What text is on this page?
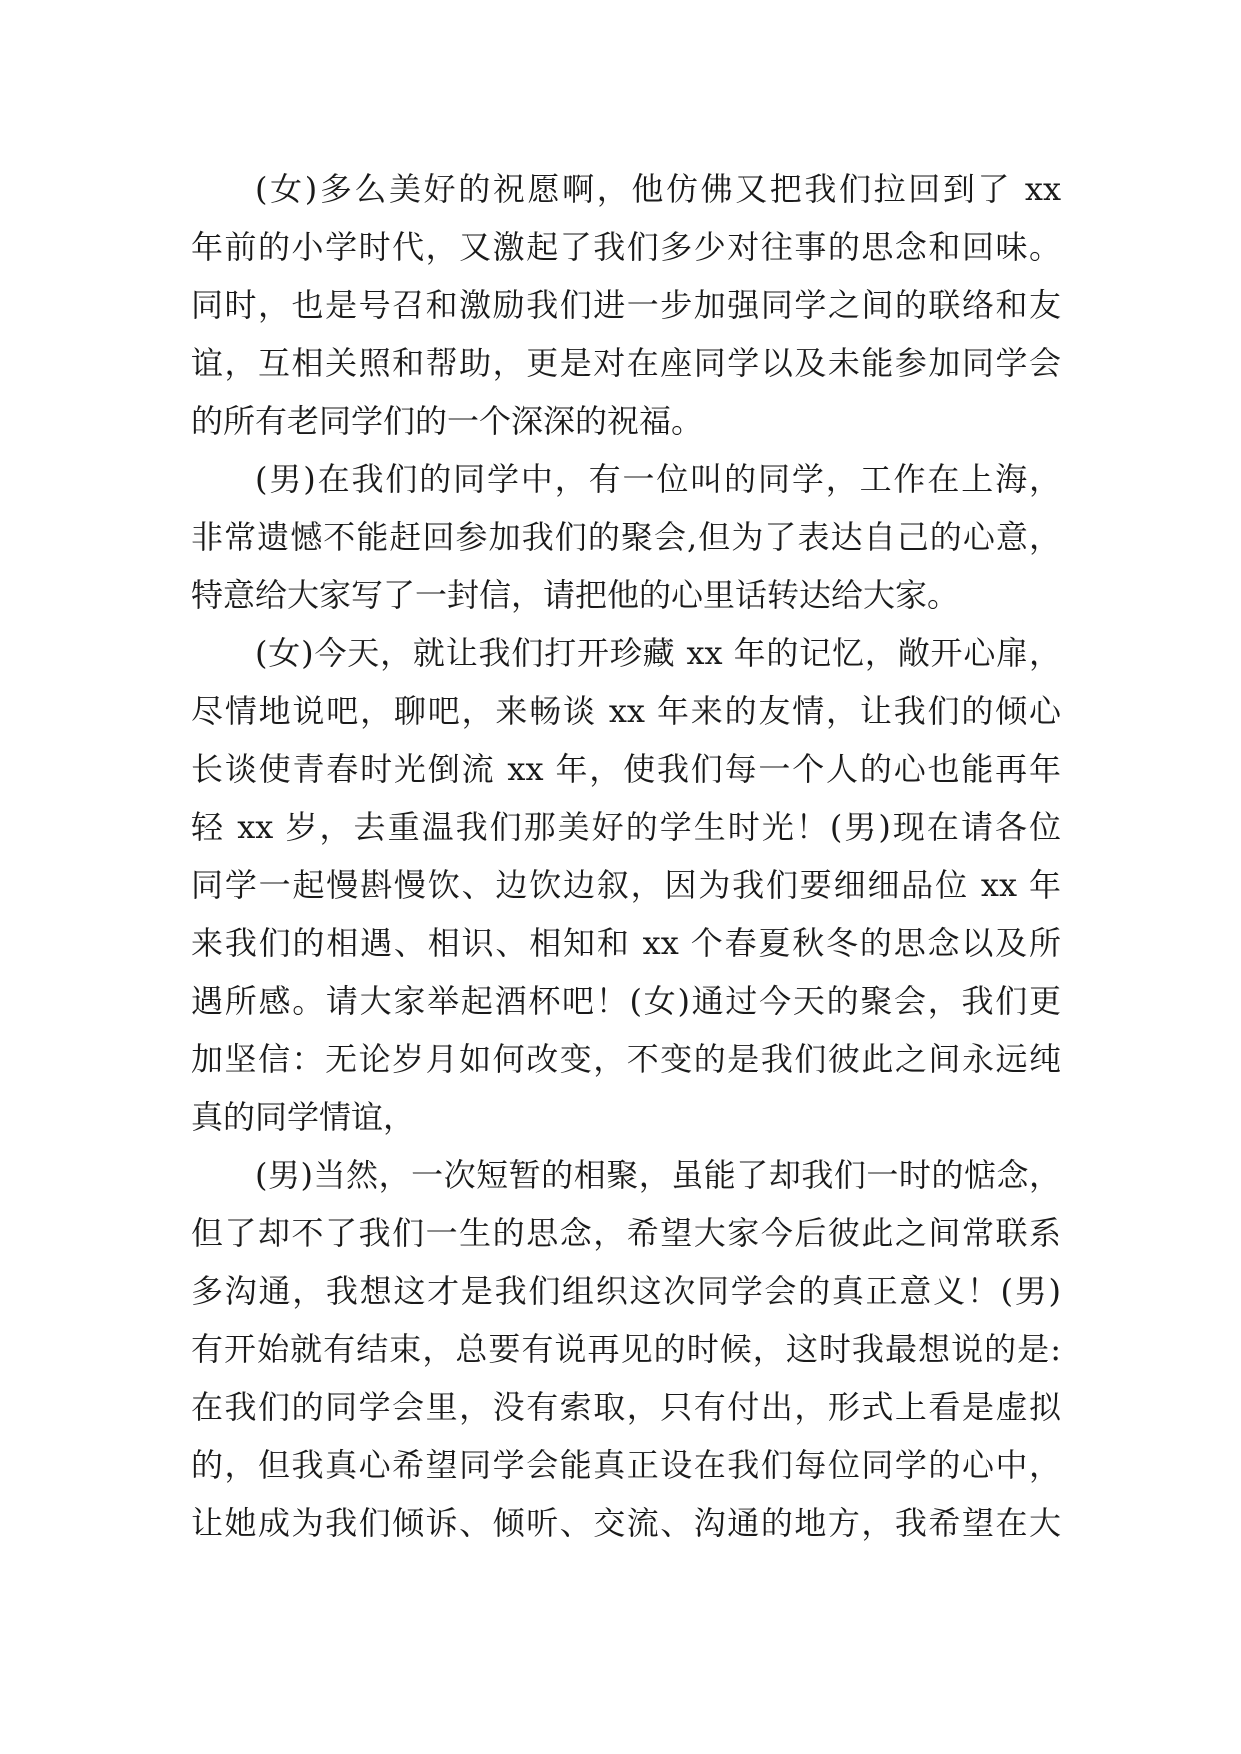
(女)多么美好的祝愿啊，他仿佛又把我们拉回到了 xx
年前的小学时代，又激起了我们多少对往事的思念和回味。
同时，也是号召和激励我们进一步加强同学之间的联络和友
谊，互相关照和帮助，更是对在座同学以及未能参加同学会
的所有老同学们的一个深深的祝福。
(男)在我们的同学中，有一位叫的同学，工作在上海，
非常遗憾不能赶回参加我们的聚会,但为了表达自己的心意，
特意给大家写了一封信，请把他的心里话转达给大家。
(女)今天，就让我们打开珍藏 xx 年的记忆，敞开心扉，
尽情地说吧，聊吧，来畅谈 xx 年来的友情，让我们的倾心
长谈使青春时光倒流 xx 年，使我们每一个人的心也能再年
轻 xx 岁，去重温我们那美好的学生时光！(男)现在请各位
同学一起慢斟慢饮、边饮边叙，因为我们要细细品位 xx 年
来我们的相遇、相识、相知和 xx 个春夏秋冬的思念以及所
遇所感。请大家举起酒杯吧！(女)通过今天的聚会，我们更
加坚信：无论岁月如何改变，不变的是我们彼此之间永远纯
真的同学情谊，
(男)当然，一次短暂的相聚，虽能了却我们一时的惦念，
但了却不了我们一生的思念，希望大家今后彼此之间常联系
多沟通，我想这才是我们组织这次同学会的真正意义！(男)
有开始就有结束，总要有说再见的时候，这时我最想说的是:
在我们的同学会里，没有索取，只有付出，形式上看是虚拟
的，但我真心希望同学会能真正设在我们每位同学的心中，
让她成为我们倾诉、倾听、交流、沟通的地方，我希望在大
